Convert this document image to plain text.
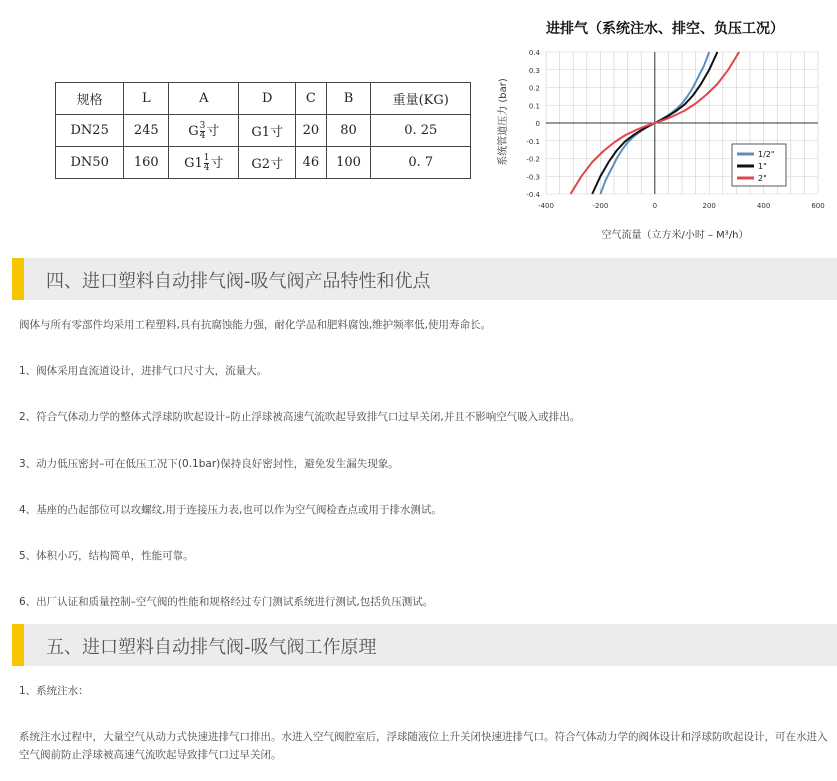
规格	L	A	D	C	B	重量(KG)
DN25	245	G $\frac{3}{4}$ 寸	G1寸	20	80	0. 25
DN50	160	$G1 \frac{1}{4}$ 寸	G2寸	46	100	0. 7
进排气（系统注水、排空、负压工况）
系统管道压力 (bar)
空气流量（立方米/小时 – M³/h）
0.4
0.3
0.2
0.1
0
-0.1
-0.2
-0.3
-0.4
-400	-200	0	200	400	600
1/2"
1"
2"
四、进口塑料自动排气阀-吸气阀产品特性和优点

阀体与所有零部件均采用工程塑料,具有抗腐蚀能力强，耐化学品和肥料腐蚀,维护频率低,使用寿命长。

1、阀体采用直流道设计，进排气口尺寸大，流量大。

2、符合气体动力学的整体式浮球防吹起设计–防止浮球被高速气流吹起导致排气口过早关闭,并且不影响空气吸入或排出。

3、动力低压密封–可在低压工况下(0.1bar)保持良好密封性，避免发生漏失现象。

4、基座的凸起部位可以攻螺纹,用于连接压力表,也可以作为空气阀检查点或用于排水测试。

5、体积小巧，结构简单，性能可靠。

6、出厂认证和质量控制–空气阀的性能和规格经过专门测试系统进行测试,包括负压测试。

五、进口塑料自动排气阀-吸气阀工作原理

1、系统注水：

系统注水过程中，大量空气从动力式快速进排气口排出。水进入空气阀腔室后，浮球随液位上升关闭快速进排气口。符合气体动力学的阀体设计和浮球防吹起设计，可在水进入空气阀前防止浮球被高速气流吹起导致排气口过早关闭。
